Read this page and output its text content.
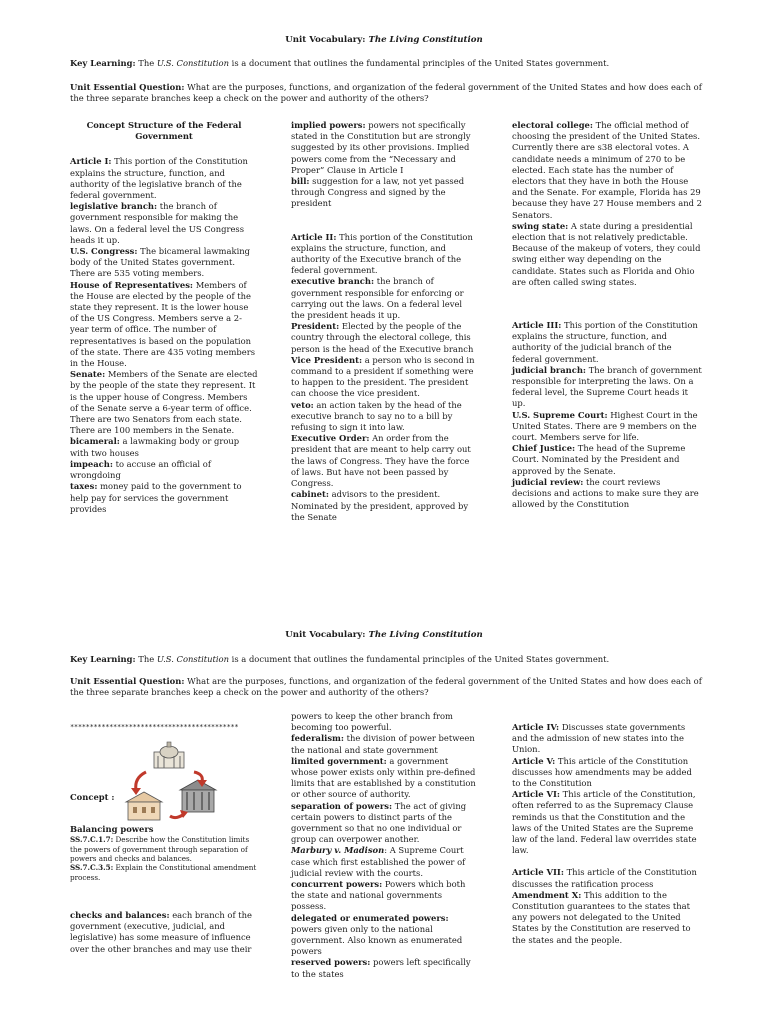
Unit Vocabulary: The Living Constitution
Key Learning: The U.S. Constitution is a document that outlines the fundamental principles of the United States government.
Unit Essential Question: What are the purposes, functions, and organization of the federal government of the United States and how does each of the three separate branches keep a check on the power and authority of the others?
Concept Structure of the Federal Government

Article I: This portion of the Constitution explains the structure, function, and authority of the legislative branch of the federal government.

legislative branch: the branch of government responsible for making the laws. On a federal level the US Congress heads it up.

U.S. Congress: The bicameral lawmaking body of the United States government. There are 535 voting members.

House of Representatives: Members of the House are elected by the people of the state they represent. It is the lower house of the US Congress. Members serve a 2-year term of office. The number of representatives is based on the population of the state. There are 435 voting members in the House.

Senate: Members of the Senate are elected by the people of the state they represent. It is the upper house of Congress. Members of the Senate serve a 6-year term of office. There are two Senators from each state. There are 100 members in the Senate.

bicameral: a lawmaking body or group with two houses

impeach: to accuse an official of wrongdoing

taxes: money paid to the government to help pay for services the government provides

implied powers: powers not specifically stated in the Constitution but are strongly suggested by its other provisions. Implied powers come from the “Necessary and Proper” Clause in Article I

bill: suggestion for a law, not yet passed through Congress and signed by the president

Article II: This portion of the Constitution explains the structure, function, and authority of the Executive branch of the federal government.

executive branch: the branch of government responsible for enforcing or carrying out the laws. On a federal level the president heads it up.

President: Elected by the people of the country through the electoral college, this person is the head of the Executive branch

Vice President: a person who is second in command to a president if something were to happen to the president. The president can choose the vice president.

veto: an action taken by the head of the executive branch to say no to a bill by refusing to sign it into law.

Executive Order: An order from the president that are meant to help carry out the laws of Congress. They have the force of laws. But have not been passed by Congress.

cabinet: advisors to the president. Nominated by the president, approved by the Senate

electoral college: The official method of choosing the president of the United States. Currently there are s38 electoral votes. A candidate needs a minimum of 270 to be elected. Each state has the number of electors that they have in both the House and the Senate. For example, Florida has 29 because they have 27 House members and 2 Senators.

swing state: A state during a presidential election that is not relatively predictable. Because of the makeup of voters, they could swing either way depending on the candidate. States such as Florida and Ohio are often called swing states.

Article III: This portion of the Constitution explains the structure, function, and authority of the judicial branch of the federal government.

judicial branch: The branch of government responsible for interpreting the laws. On a federal level, the Supreme Court heads it up.

U.S. Supreme Court: Highest Court in the United States. There are 9 members on the court. Members serve for life.

Chief Justice: The head of the Supreme Court. Nominated by the President and approved by the Senate.

judicial review: the court reviews decisions and actions to make sure they are allowed by the Constitution

Unit Vocabulary: The Living Constitution
Key Learning: The U.S. Constitution is a document that outlines the fundamental principles of the United States government.
Unit Essential Question: What are the purposes, functions, and organization of the federal government of the United States and how does each of the three separate branches keep a check on the power and authority of the others?

*******************************************

Concept :

Balancing powers

SS.7.C.1.7: Describe how the Constitution limits the powers of government through separation of powers and checks and balances.

SS.7.C.3.5: Explain the Constitutional amendment process.

checks and balances: each branch of the government (executive, judicial, and legislative) has some measure of influence over the other branches and may use their

powers to keep the other branch from becoming too powerful.

federalism: the division of power between the national and state government

limited government: a government whose power exists only within pre-defined limits that are established by a constitution or other source of authority.

separation of powers: The act of giving certain powers to distinct parts of the government so that no one individual or group can overpower another.

Marbury v. Madison: A Supreme Court case which first established the power of judicial review with the courts.

concurrent powers: Powers which both the state and national governments possess.

delegated or enumerated powers: powers given only to the national government. Also known as enumerated powers

reserved powers: powers left specifically to the states

Article IV: Discusses state governments and the admission of new states into the Union.

Article V: This article of the Constitution discusses how amendments may be added to the Constitution

Article VI: This article of the Constitution, often referred to as the Supremacy Clause reminds us that the Constitution and the laws of the United States are the Supreme law of the land. Federal law overrides state law.

Article VII: This article of the Constitution discusses the ratification process

Amendment X: This addition to the Constitution guarantees to the states that any powers not delegated to the United States by the Constitution are reserved to the states and the people.
